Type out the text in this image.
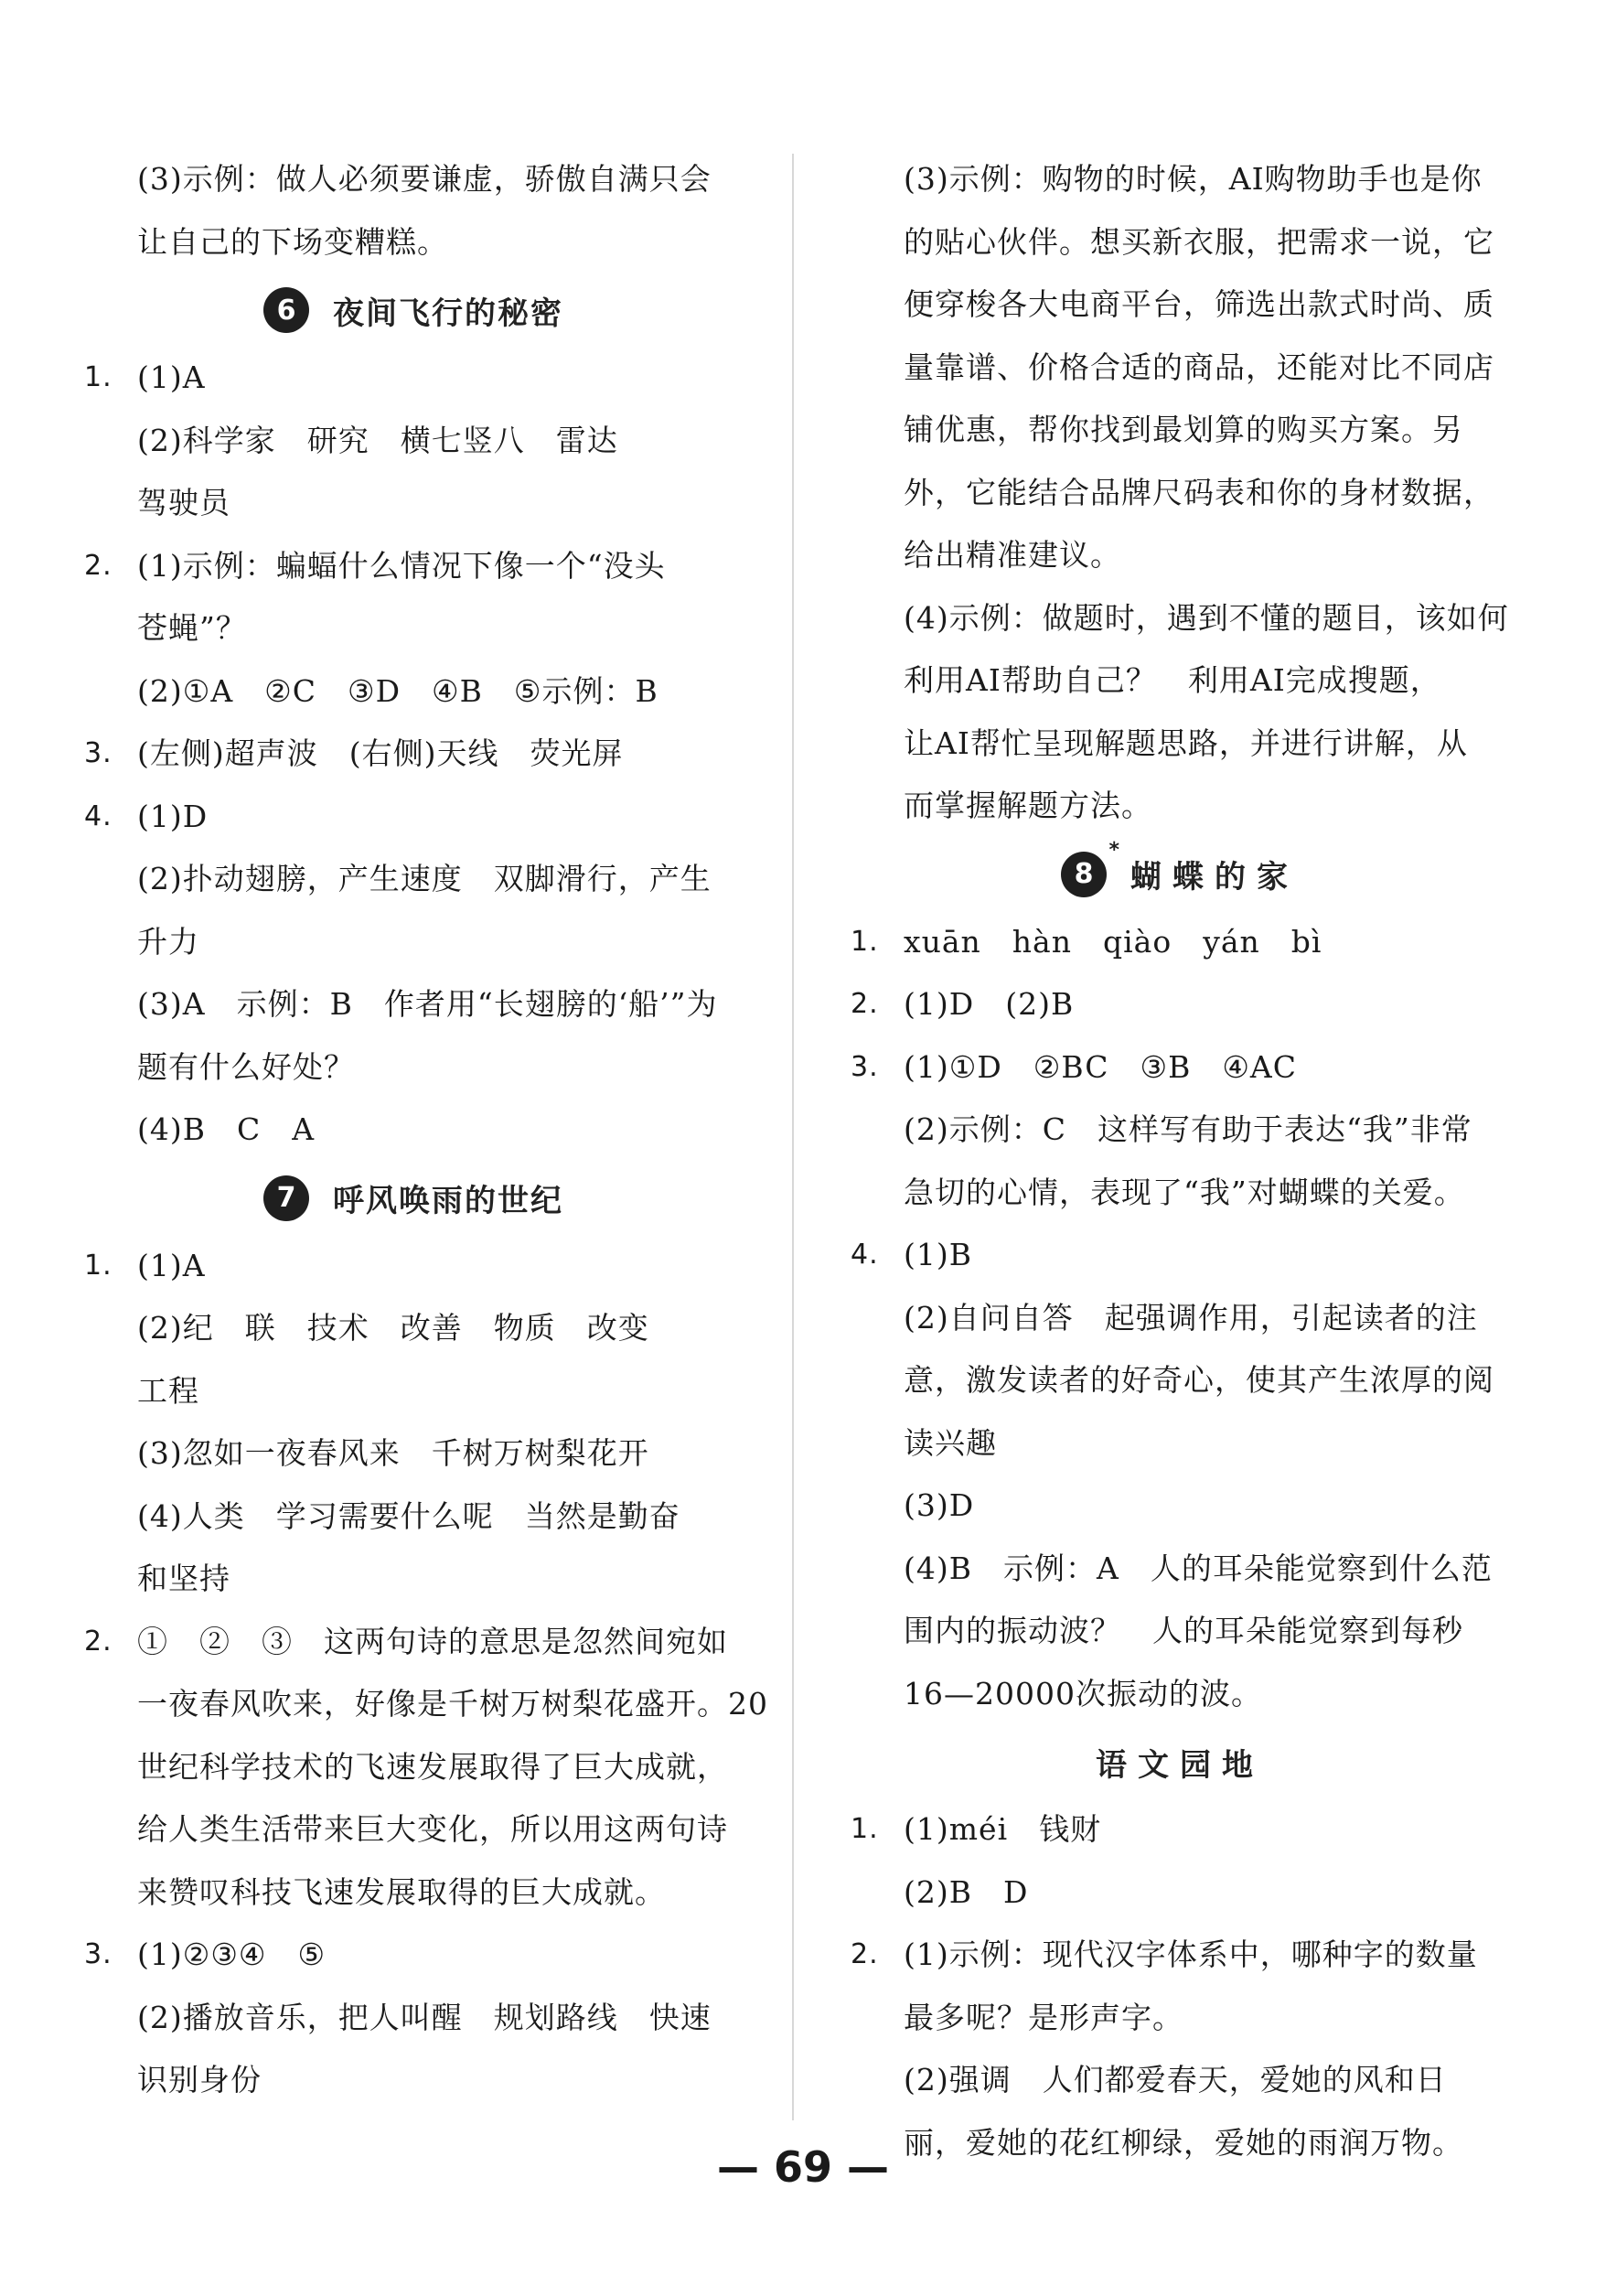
(3)示例：做人必须要谦虚，骄傲自满只会
让自己的下场变糟糕。
6	夜间飞行的秘密
1. (1)A
(2)科学家　研究　横七竖八　雷达
驾驶员
2. (1)示例：蝙蝠什么情况下像一个“没头
苍蝇”？
(2)①A　②C　③D　④B　⑤示例：B
3. (左侧)超声波　(右侧)天线　荧光屏
4. (1)D
(2)扑动翅膀，产生速度　双脚滑行，产生
升力
(3)A　示例：B　作者用“长翅膀的‘船’”为
题有什么好处？
(4)B　C　A
7	呼风唤雨的世纪
1. (1)A
(2)纪　联　技术　改善　物质　改变
工程
(3)忽如一夜春风来　千树万树梨花开
(4)人类　学习需要什么呢　当然是勤奋
和坚持
2. ①　②　③　这两句诗的意思是忽然间宛如
一夜春风吹来，好像是千树万树梨花盛开。20
世纪科学技术的飞速发展取得了巨大成就，
给人类生活带来巨大变化，所以用这两句诗
来赞叹科技飞速发展取得的巨大成就。
3. (1)②③④　⑤
(2)播放音乐，把人叫醒　规划路线　快速
识别身份
(3)示例：购物的时候，AI购物助手也是你
的贴心伙伴。想买新衣服，把需求一说，它
便穿梭各大电商平台，筛选出款式时尚、质
量靠谱、价格合适的商品，还能对比不同店
铺优惠，帮你找到最划算的购买方案。另
外，它能结合品牌尺码表和你的身材数据，
给出精准建议。
(4)示例：做题时，遇到不懂的题目，该如何
利用AI帮助自己？　利用AI完成搜题，
让AI帮忙呈现解题思路，并进行讲解，从
而掌握解题方法。
8
*
蝴蝶的家
1. xuān　hàn　qiào　yán　bì
2. (1)D　(2)B
3. (1)①D　②BC　③B　④AC
(2)示例：C　这样写有助于表达“我”非常
急切的心情，表现了“我”对蝴蝶的关爱。
4. (1)B
(2)自问自答　起强调作用，引起读者的注
意，激发读者的好奇心，使其产生浓厚的阅
读兴趣
(3)D
(4)B　示例：A　人的耳朵能觉察到什么范
围内的振动波？　人的耳朵能觉察到每秒
16—20000次振动的波。
语文园地
1. (1)méi　钱财
(2)B　D
2. (1)示例：现代汉字体系中，哪种字的数量
最多呢？是形声字。
(2)强调　人们都爱春天，爱她的风和日
丽，爱她的花红柳绿，爱她的雨润万物。
— 69 —
